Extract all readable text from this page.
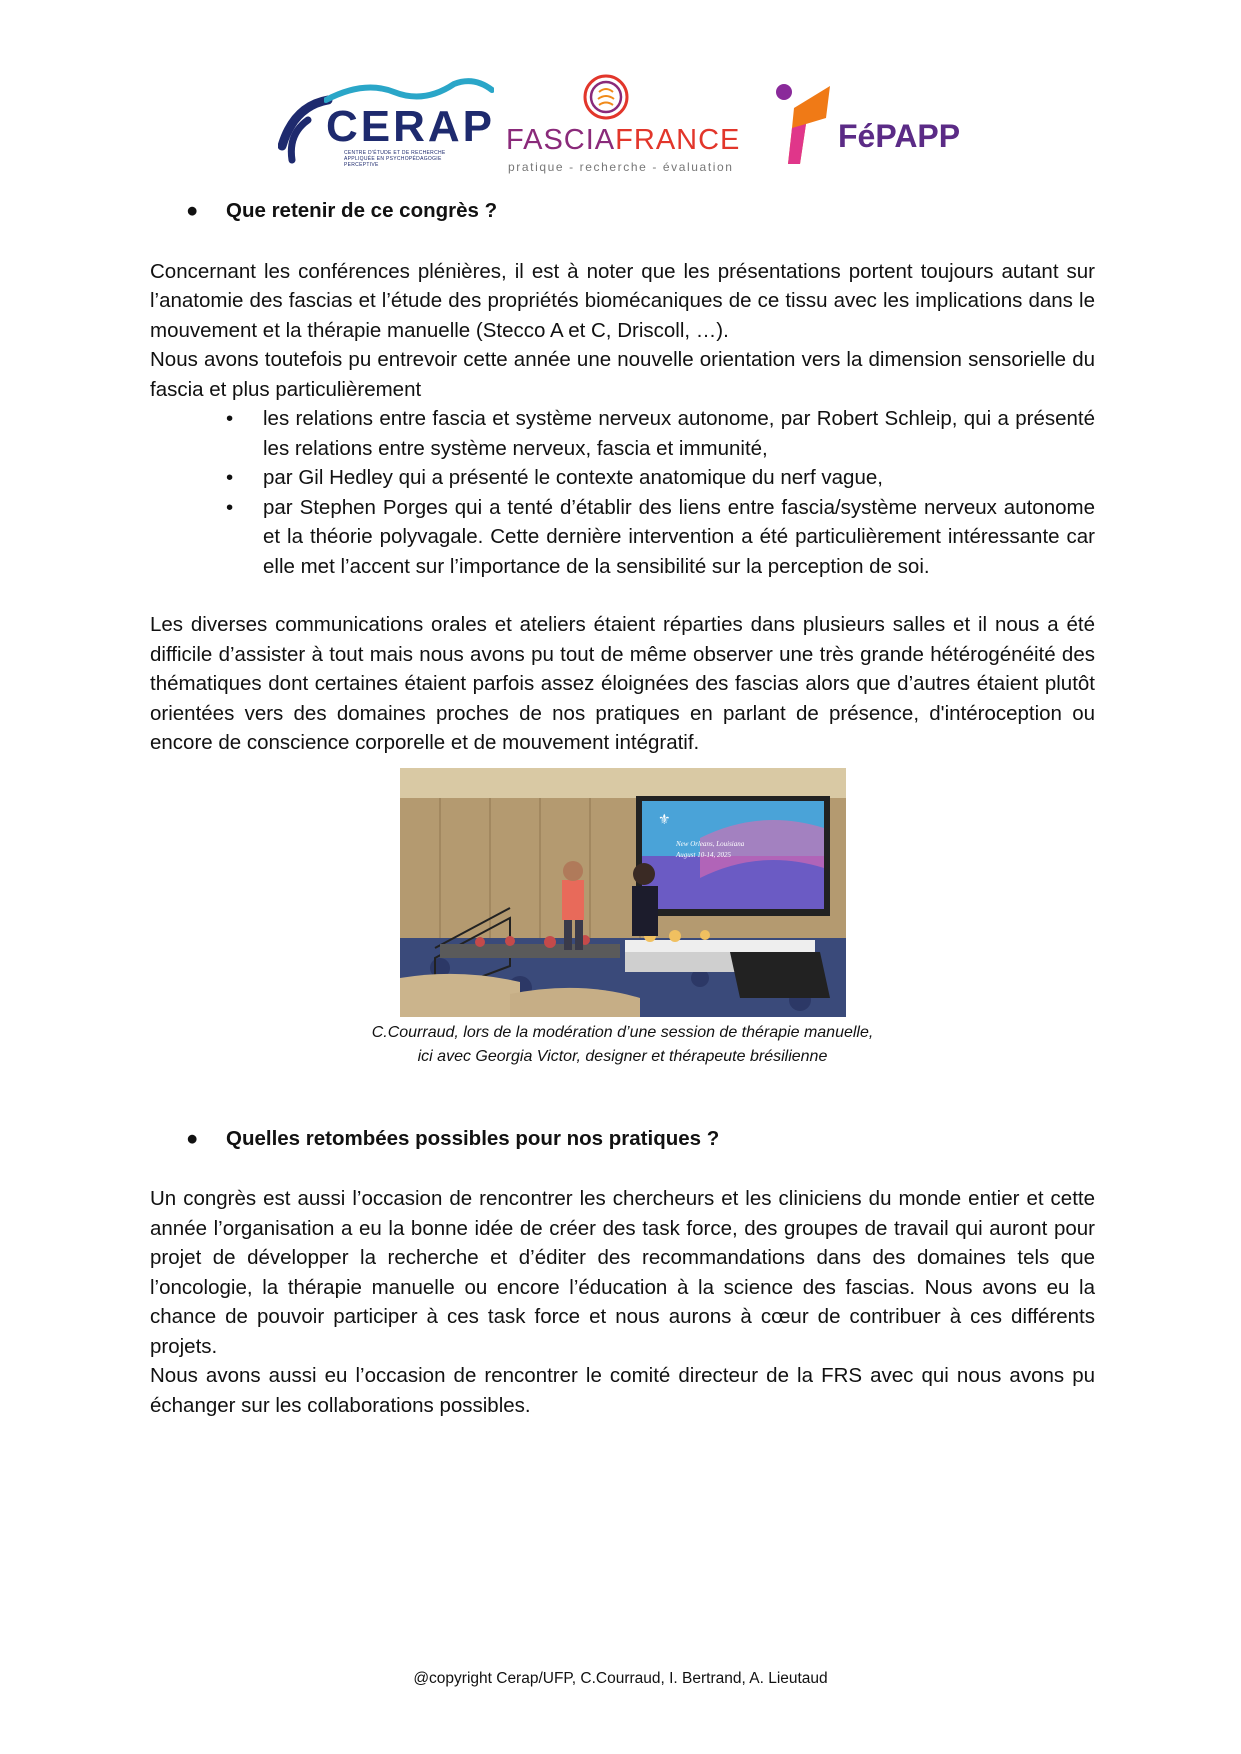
CERAP
CENTRE D'ÉTUDE ET DE RECHERCHE APPLIQUÉE EN PSYCHOPÉDAGOGIE PERCEPTIVE
FASCIAFRANCE
pratique - recherche - évaluation
FéPAPP
● Que retenir de ce congrès ?

Concernant les conférences plénières, il est à noter que les présentations portent toujours autant sur l’anatomie des fascias et l’étude des propriétés biomécaniques de ce tissu avec les implications dans le mouvement et la thérapie manuelle (Stecco A et C, Driscoll, …).

Nous avons toutefois pu entrevoir cette année une nouvelle orientation vers la dimension sensorielle du fascia et plus particulièrement

• les relations entre fascia et système nerveux autonome, par Robert Schleip, qui a présenté les relations entre système nerveux, fascia et immunité,
• par Gil Hedley qui a présenté le contexte anatomique du nerf vague,
• par Stephen Porges qui a tenté d’établir des liens entre fascia/système nerveux autonome et la théorie polyvagale. Cette dernière intervention a été particulièrement intéressante car elle met l’accent sur l’importance de la sensibilité sur la perception de soi.

Les diverses communications orales et ateliers étaient réparties dans plusieurs salles et il nous a été difficile d’assister à tout mais nous avons pu tout de même observer une très grande hétérogénéité des thématiques dont certaines étaient parfois assez éloignées des fascias alors que d’autres étaient plutôt orientées vers des domaines proches de nos pratiques en parlant de présence, d'intéroception ou encore de conscience corporelle et de mouvement intégratif.

⚜
New Orleans, Louisiana
August 10-14, 2025
C.Courraud, lors de la modération d’une session de thérapie manuelle,
ici avec Georgia Victor, designer et thérapeute brésilienne
● Quelles retombées possibles pour nos pratiques ?

Un congrès est aussi l’occasion de rencontrer les chercheurs et les cliniciens du monde entier et cette année l’organisation a eu la bonne idée de créer des task force, des groupes de travail qui auront pour projet de développer la recherche et d’éditer des recommandations dans des domaines tels que l’oncologie, la thérapie manuelle ou encore l’éducation à la science des fascias. Nous avons eu la chance de pouvoir participer à ces task force et nous aurons à cœur de contribuer à ces différents projets.

Nous avons aussi eu l’occasion de rencontrer le comité directeur de la FRS avec qui nous avons pu échanger sur les collaborations possibles.

@copyright Cerap/UFP, C.Courraud, I. Bertrand, A. Lieutaud
